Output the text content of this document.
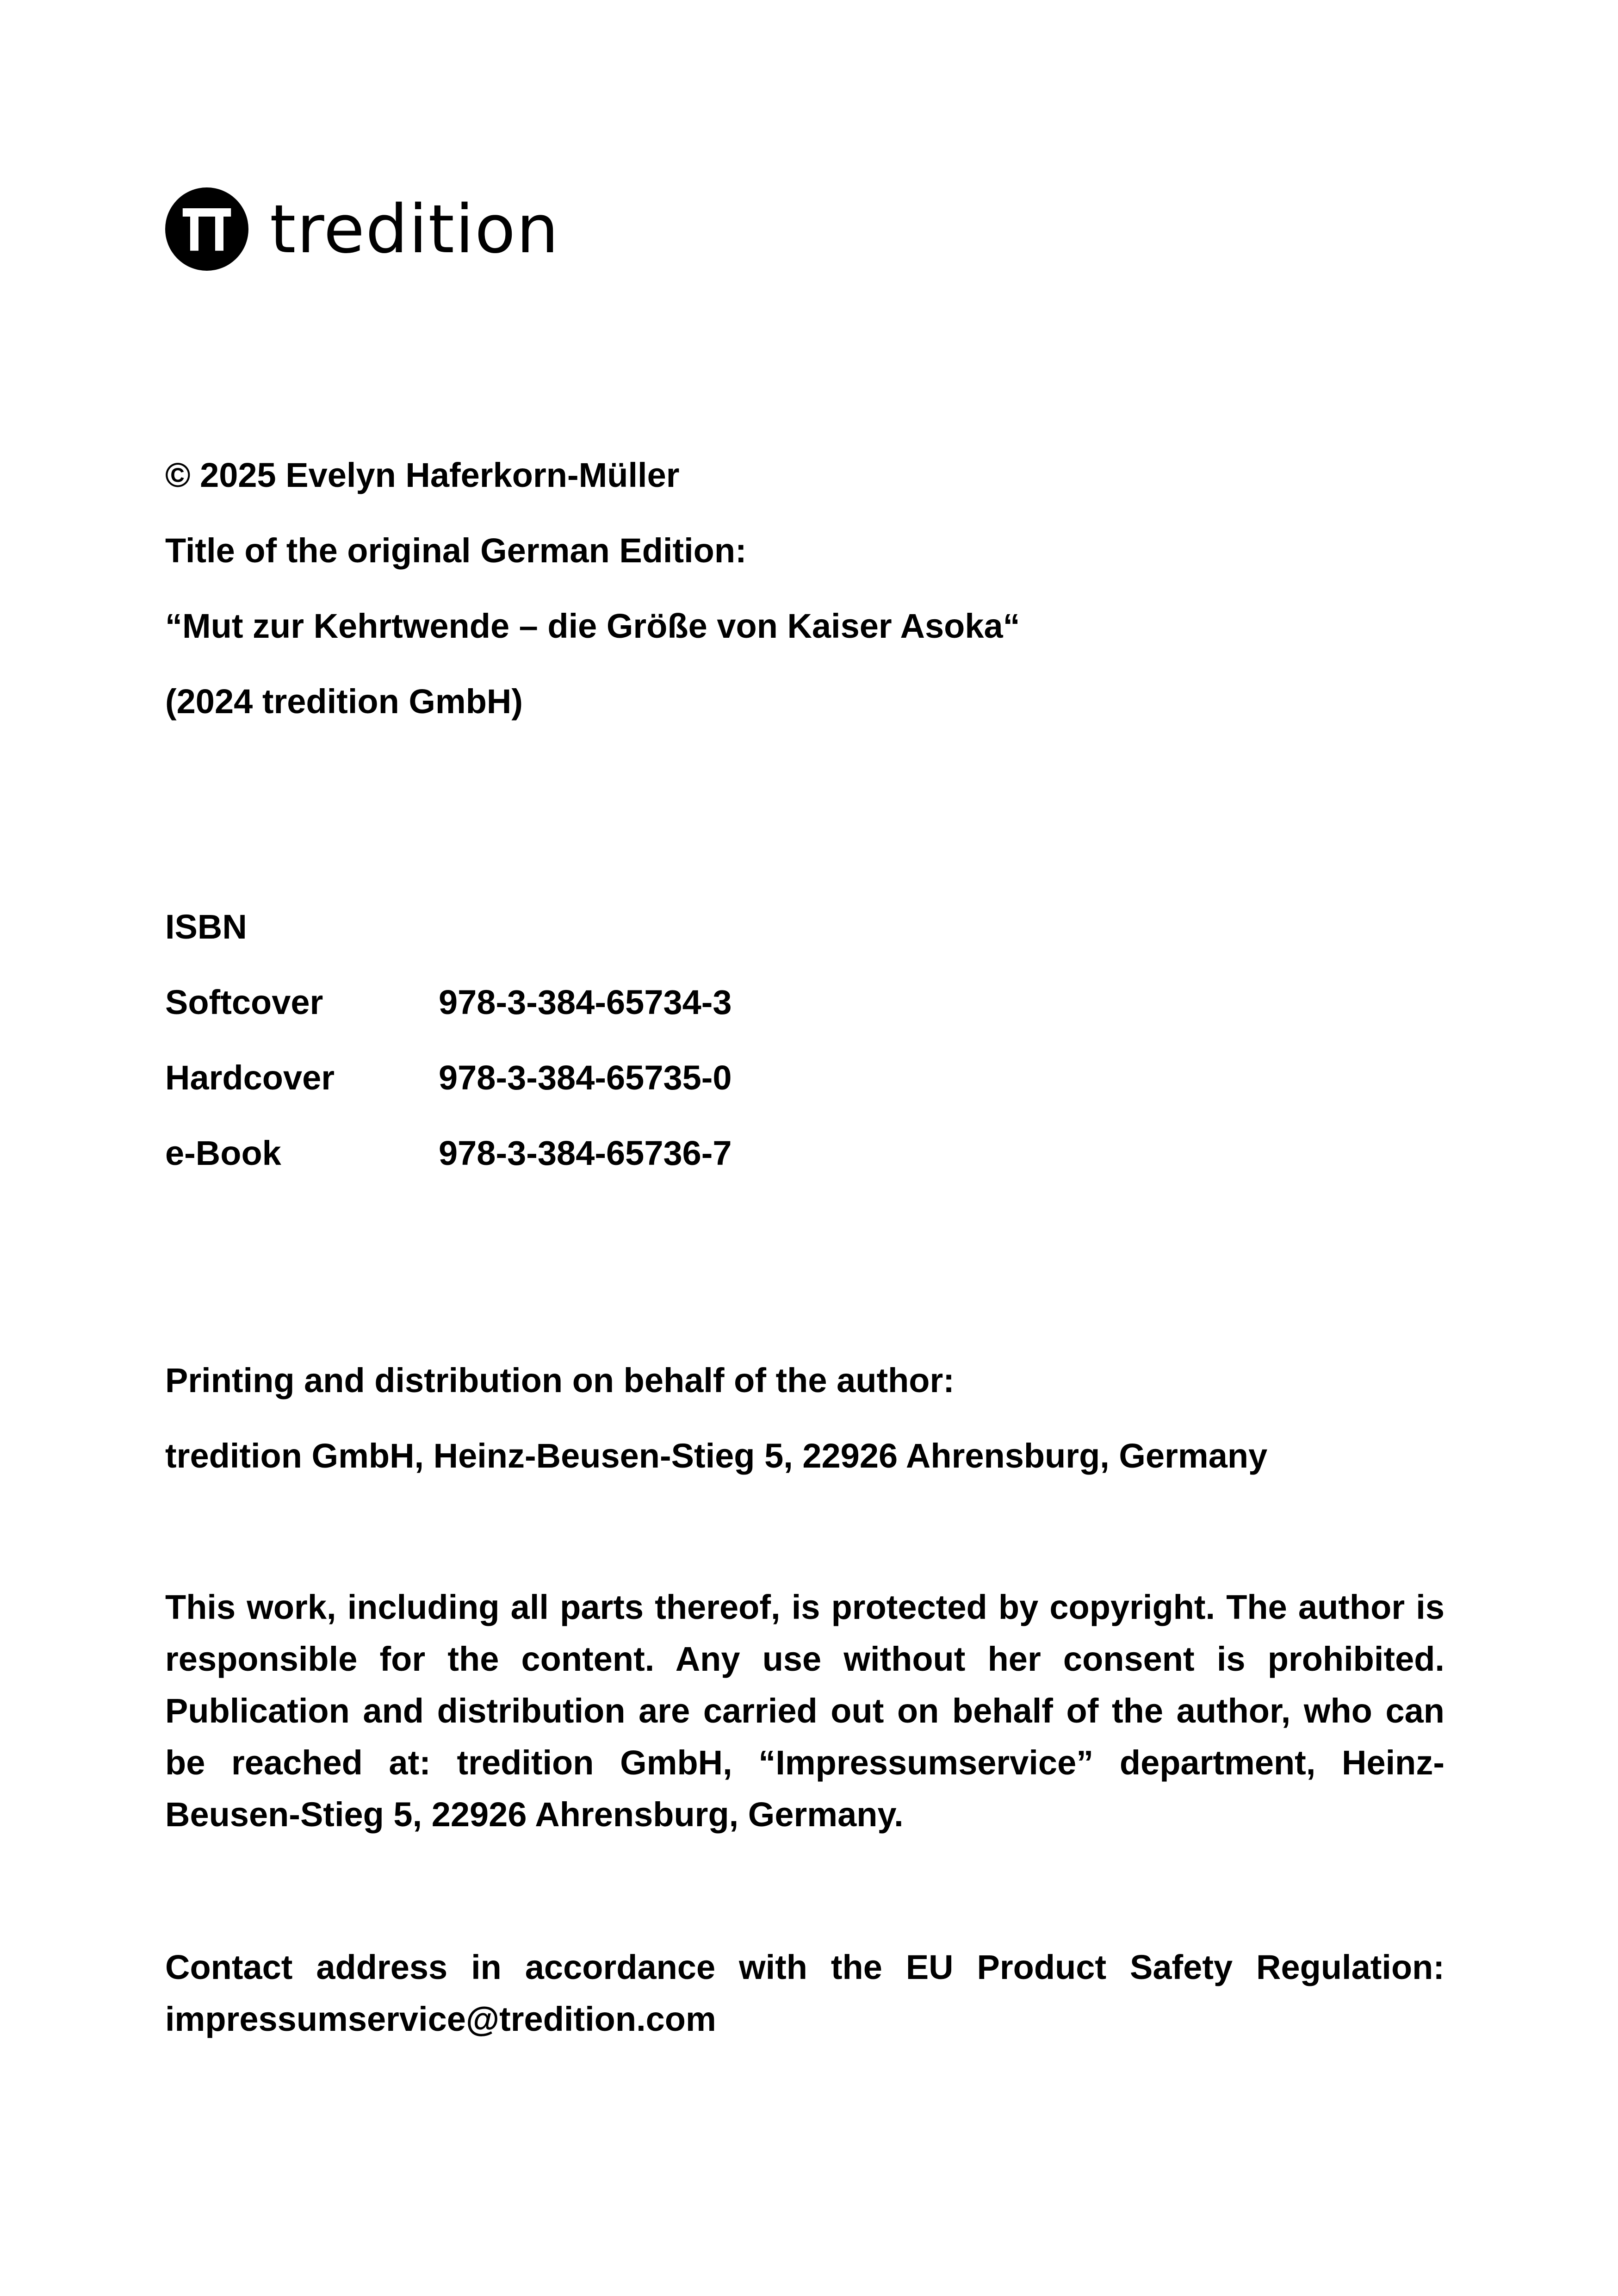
tredition
© 2025 Evelyn Haferkorn-Müller
Title of the original German Edition:
“Mut zur Kehrtwende – die Größe von Kaiser Asoka“
(2024 tredition GmbH)
ISBN
Softcover	978-3-384-65734-3
Hardcover	978-3-384-65735-0
e-Book	978-3-384-65736-7
Printing and distribution on behalf of the author:
tredition GmbH, Heinz-Beusen-Stieg 5, 22926 Ahrensburg, Germany
This work, including all parts thereof, is protected by copyright. The author is responsible for the content. Any use without her consent is prohibited. Publication and distribution are carried out on behalf of the author, who can be reached at: tredition GmbH, “Impressumservice” department, Heinz-Beusen-Stieg 5, 22926 Ahrensburg, Germany.
Contact address in accordance with the EU Product Safety Regulation: impressumservice@tredition.com
